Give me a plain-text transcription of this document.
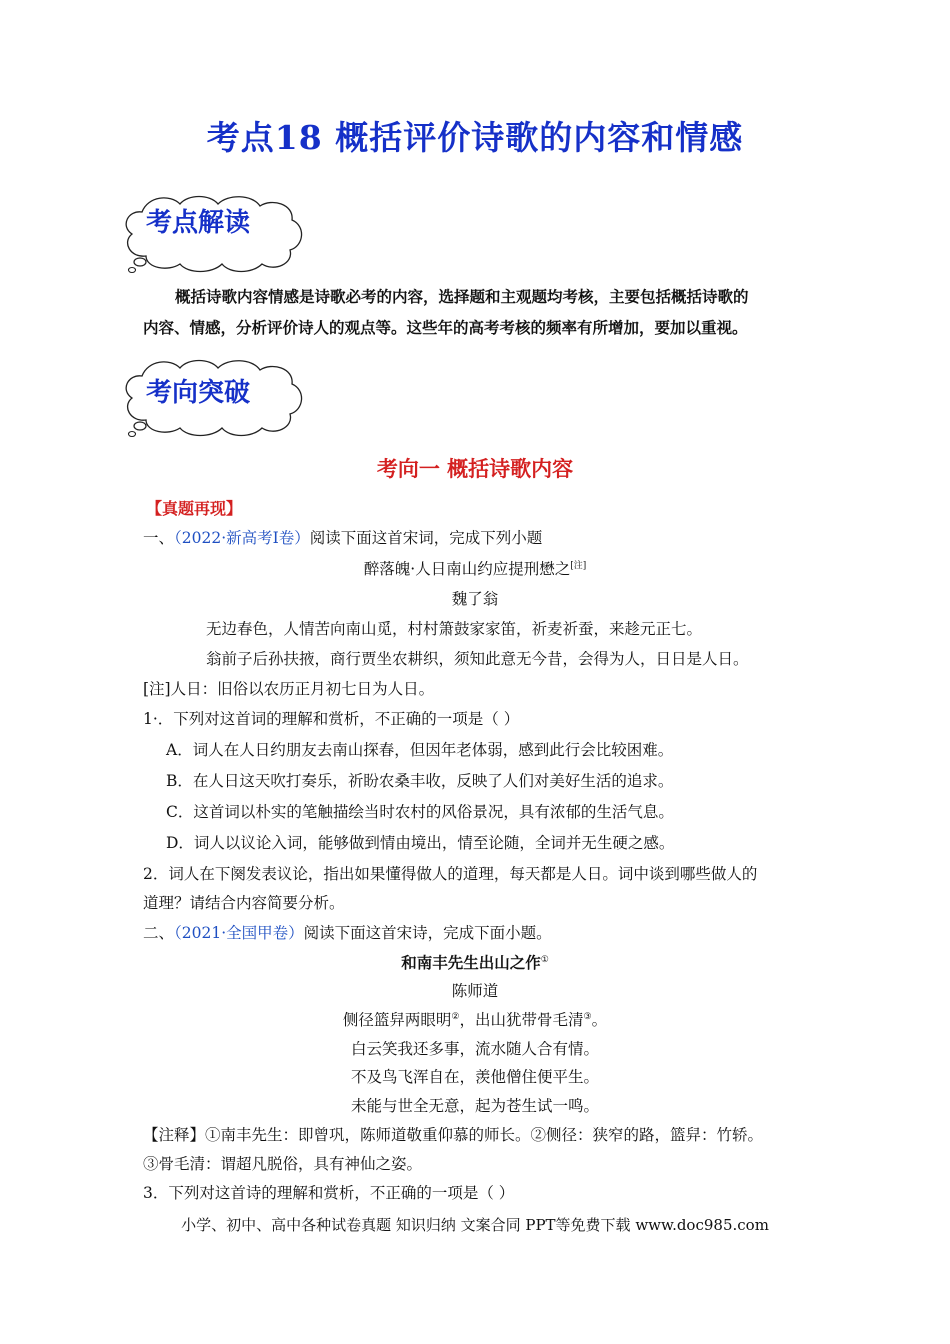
考点18 概括评价诗歌的内容和情感
考点解读
概括诗歌内容情感是诗歌必考的内容，选择题和主观题均考核，主要包括概括诗歌的
内容、情感，分析评价诗人的观点等。这些年的高考考核的频率有所增加，要加以重视。
考向突破
考向一 概括诗歌内容
【真题再现】
一、（2022·新高考Ⅰ卷）阅读下面这首宋词，完成下列小题
醉落魄·人日南山约应提刑懋之[注]
魏了翁
无边春色，人情苦向南山觅，村村箫鼓家家笛，祈麦祈蚕，来趁元正七。
翁前子后孙扶掖，商行贾坐农耕织，须知此意无今昔，会得为人，日日是人日。
[注]人日：旧俗以农历正月初七日为人日。
1·．下列对这首词的理解和赏析，不正确的一项是（ ）
A．词人在人日约朋友去南山探春，但因年老体弱，感到此行会比较困难。
B．在人日这天吹打奏乐，祈盼农桑丰收，反映了人们对美好生活的追求。
C．这首词以朴实的笔触描绘当时农村的风俗景况，具有浓郁的生活气息。
D．词人以议论入词，能够做到情由境出，情至论随，全词并无生硬之感。
2．词人在下阕发表议论，指出如果懂得做人的道理，每天都是人日。词中谈到哪些做人的
道理？请结合内容简要分析。
二、（2021·全国甲卷）阅读下面这首宋诗，完成下面小题。
和南丰先生出山之作①
陈师道
侧径篮舁两眼明②，出山犹带骨毛清③。
白云笑我还多事，流水随人合有情。
不及鸟飞浑自在，羡他僧住便平生。
未能与世全无意，起为苍生试一鸣。
【注释】①南丰先生：即曾巩，陈师道敬重仰慕的师长。②侧径：狭窄的路，篮舁：竹轿。
③骨毛清：谓超凡脱俗，具有神仙之姿。
3．下列对这首诗的理解和赏析，不正确的一项是（ ）
小学、初中、高中各种试卷真题 知识归纳 文案合同 PPT等免费下载 www.doc985.com
